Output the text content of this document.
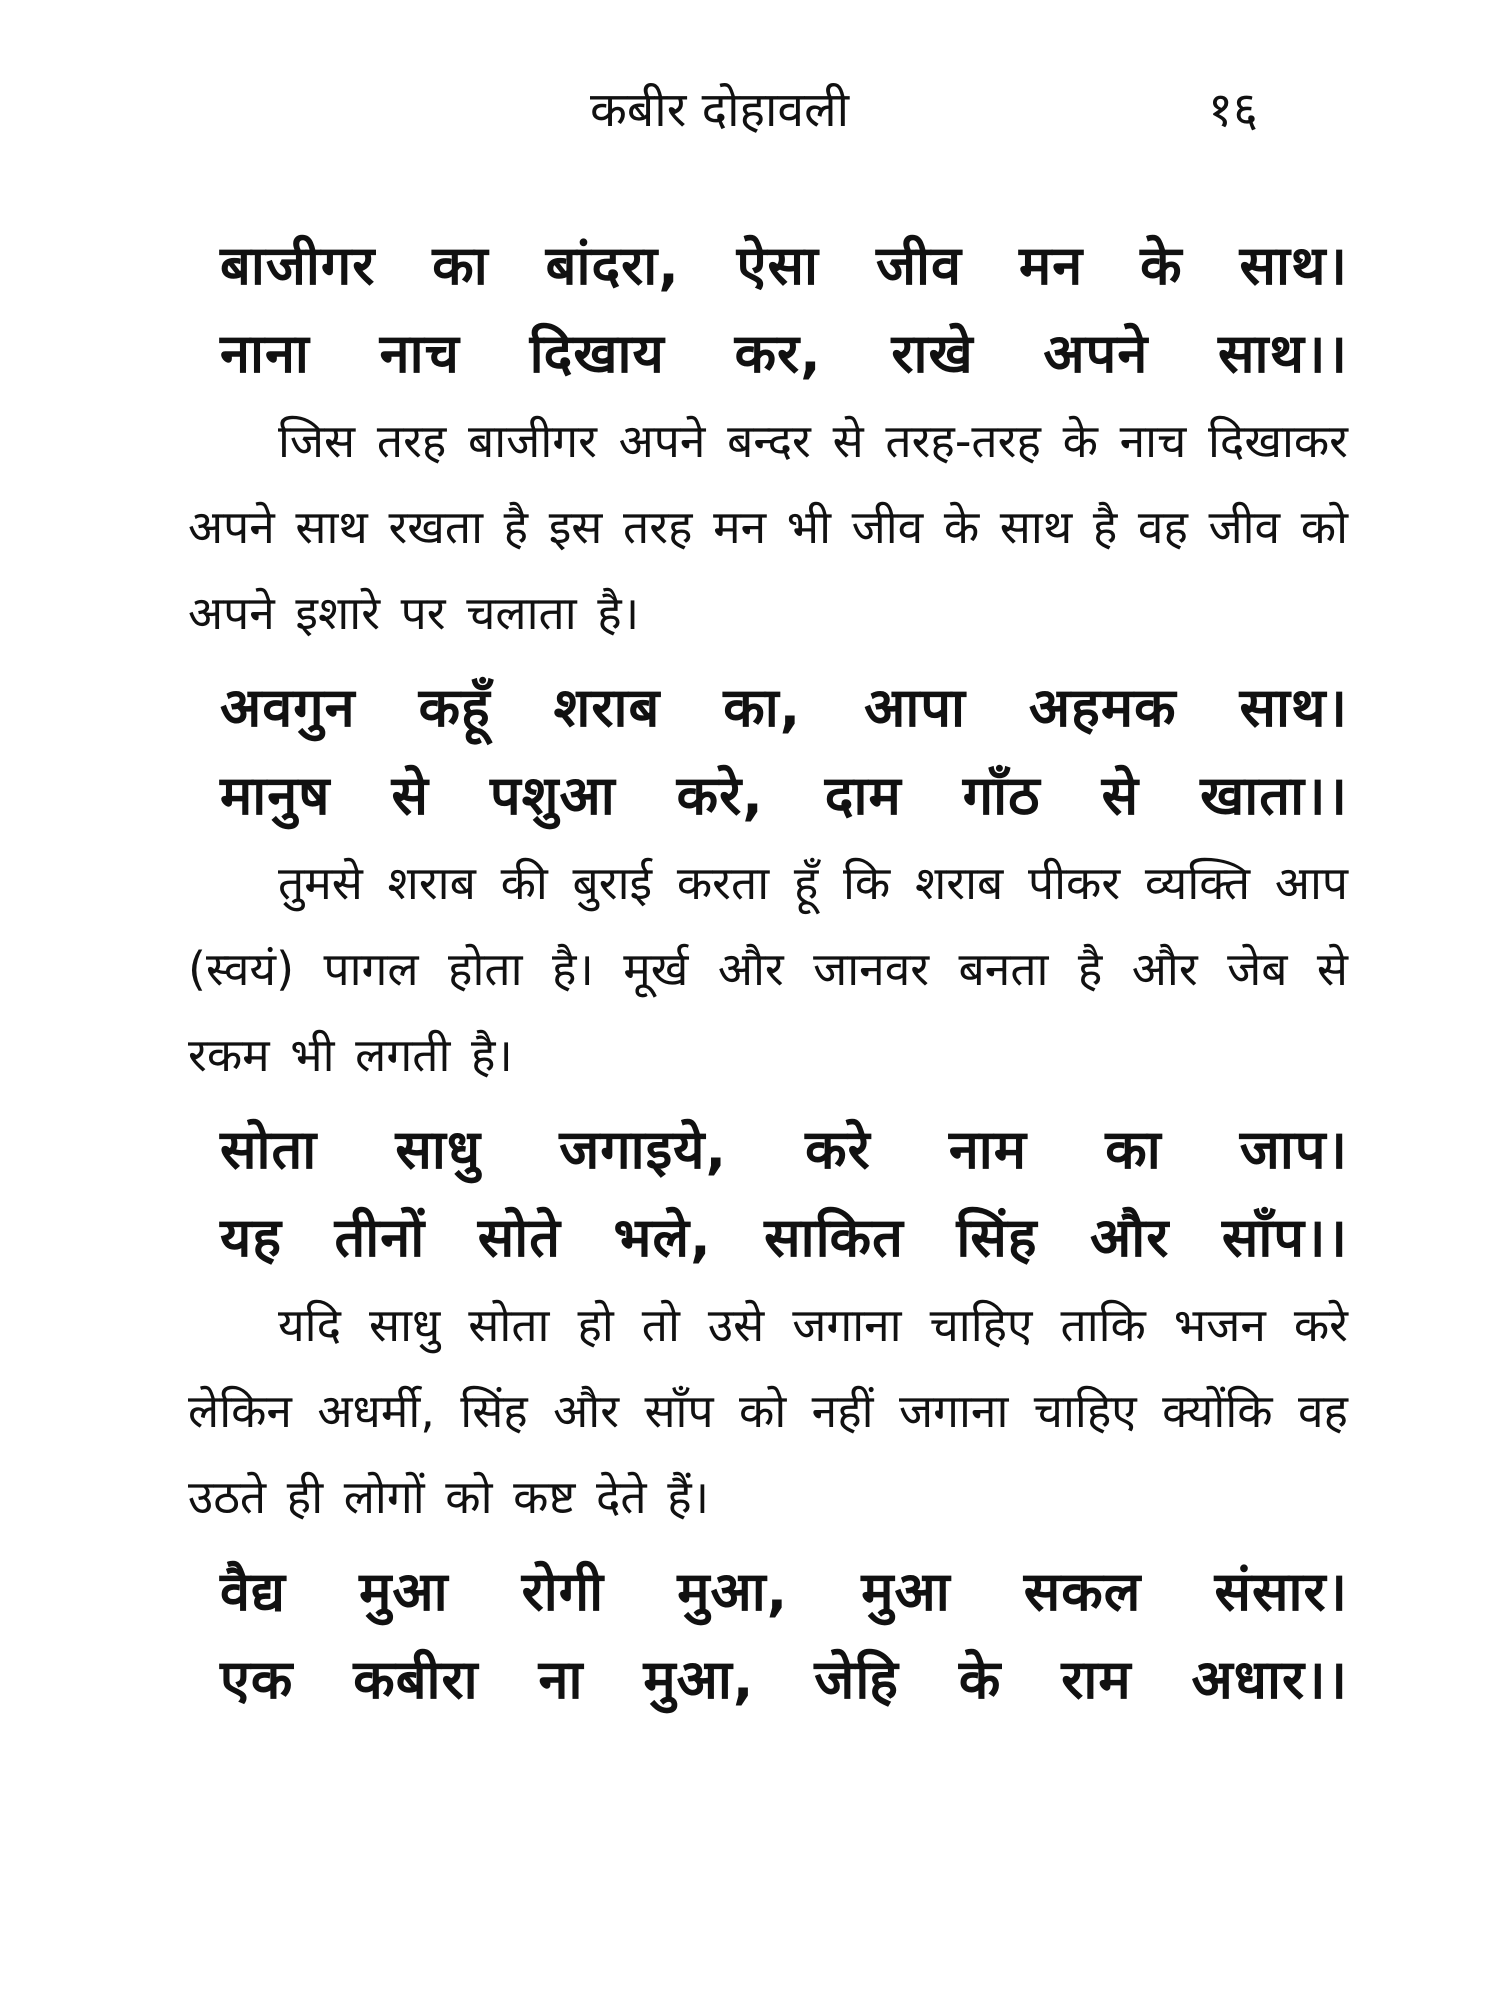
कबीर दोहावली	१६
बाजीगर का बांदरा, ऐसा जीव मन के साथ।
नाना नाच दिखाय कर, राखे अपने साथ।।
जिस तरह बाजीगर अपने बन्दर से तरह-तरह के नाच दिखाकर अपने साथ रखता है इस तरह मन भी जीव के साथ है वह जीव को अपने इशारे पर चलाता है।
अवगुन कहूँ शराब का, आपा अहमक साथ।
मानुष से पशुआ करे, दाम गाँठ से खाता।।
तुमसे शराब की बुराई करता हूँ कि शराब पीकर व्यक्ति आप (स्वयं) पागल होता है। मूर्ख और जानवर बनता है और जेब से रकम भी लगती है।
सोता साधु जगाइये, करे नाम का जाप।
यह तीनों सोते भले, साकित सिंह और साँप।।
यदि साधु सोता हो तो उसे जगाना चाहिए ताकि भजन करे लेकिन अधर्मी, सिंह और साँप को नहीं जगाना चाहिए क्योंकि वह उठते ही लोगों को कष्ट देते हैं।
वैद्य मुआ रोगी मुआ, मुआ सकल संसार।
एक कबीरा ना मुआ, जेहि के राम अधार।।
